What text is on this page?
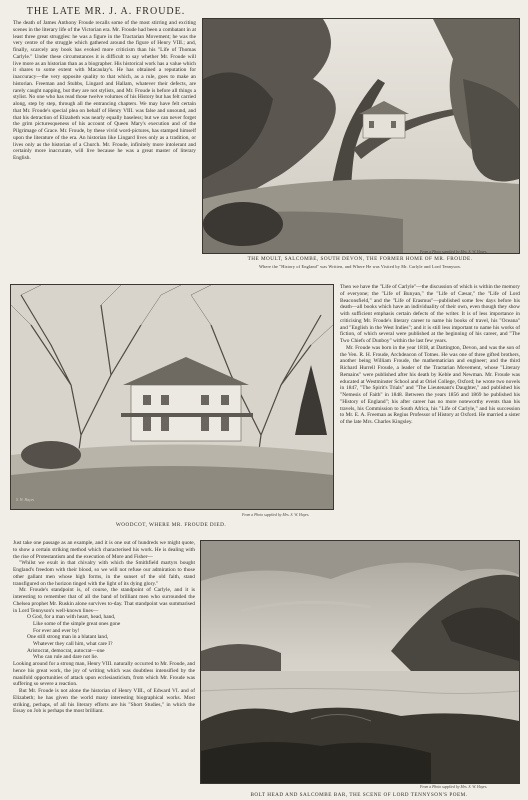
THE LATE MR. J. A. FROUDE.

The death of James Anthony Froude recalls some of the most stirring and exciting scenes in the literary life of the Victorian era. Mr. Froude had been a combatant in at least three great struggles: he was a figure in the Tractarian Movement; he was the very centre of the struggle which gathered around the figure of Henry VIII.; and, finally, scarcely any book has evoked more criticism than his "Life of Thomas Carlyle." Under these circumstances it is difficult to say whether Mr. Froude will live more as an historian than as a biographer. His historical work has a value which it shares to some extent with Macaulay's. He has obtained a reputation for inaccuracy—the very opposite quality to that which, as a rule, goes to make an historian. Freeman and Stubbs, Lingard and Hallam, whatever their defects, are rarely caught napping, but they are not stylists, and Mr. Froude is before all things a stylist. No one who has read those twelve volumes of his History but has felt carried along, step by step, through all the entrancing chapters. We may have felt certain that Mr. Froude's special plea on behalf of Henry VIII. was false and unsound, and that his detraction of Elizabeth was nearly equally baseless; but we can never forget the grim picturesqueness of his account of Queen Mary's execution and of the Pilgrimage of Grace. Mr. Froude, by these vivid word-pictures, has stamped himself upon the literature of the era. An historian like Lingard lives only as a tradition, or lives only as the historian of a Church. Mr. Froude, infinitely more intolerant and certainly more inaccurate, will live because he was a great master of literary English.

THE MOULT, SALCOMBE, SOUTH DEVON, THE FORMER HOME OF MR. FROUDE.
Where the "History of England" was Written, and Where He was Visited by Mr. Carlyle and Lord Tennyson.
From a Photo supplied by Mrs. S. W. Hayes.
WOODCOT, WHERE MR. FROUDE DIED.
From a Photo supplied by Mrs. S. W. Hayes.

Then we have the "Life of Carlyle"—the discussion of which is within the memory of everyone; the "Life of Bunyan," the "Life of Cæsar," the "Life of Lord Beaconsfield," and the "Life of Erasmus"—published some few days before his death—all books which have an individuality of their own, even though they show with sufficient emphasis certain defects of the writer. It is of less importance in criticising Mr. Froude's literary career to name his books of travel, his "Oceana" and "English in the West Indies"; and it is still less important to name his works of fiction, of which several were published at the beginning of his career, and "The Two Chiefs of Dunboy" within the last few years.

Mr. Froude was born in the year 1818, at Dartington, Devon, and was the son of the Ven. R. H. Froude, Archdeacon of Totnes. He was one of three gifted brothers, another being William Froude, the mathematician and engineer; and the third Richard Hurrell Froude, a leader of the Tractarian Movement, whose "Literary Remains" were published after his death by Keble and Newman. Mr. Froude was educated at Westminster School and at Oriel College, Oxford; he wrote two novels in 1847, "The Spirit's Trials" and "The Lieutenant's Daughter," and published his "Nemesis of Faith" in 1848. Between the years 1856 and 1869 he published his "History of England"; his after career has no more noteworthy events than his travels, his Commission to South Africa, his "Life of Carlyle," and his succession to Mr. E. A. Freeman as Regius Professor of History at Oxford. He married a sister of the late Mrs. Charles Kingsley.

Just take one passage as an example, and it is one out of hundreds we might quote, to show a certain striking method which characterised his work. He is dealing with the rise of Protestantism and the execution of More and Fisher—

"Whilst we exult in that chivalry with which the Smithfield martyrs bought England's freedom with their blood, so we will not refuse our admiration to those other gallant men whose high forms, in the sunset of the old faith, stand transfigured on the horizon tinged with the light of its dying glory."

Mr. Froude's standpoint is, of course, the standpoint of Carlyle, and it is interesting to remember that of all the band of brilliant men who surrounded the Chelsea prophet Mr. Ruskin alone survives to-day. That standpoint was summarised in Lord Tennyson's well-known lines—

O God, for a man with heart, head, hand,
Like some of the simple great ones gone
For ever and ever by!
One still strong man in a blatant land,
Whatever they call him, what care I?
Aristocrat, democrat, autocrat—one
Who can rule and dare not lie.

Looking around for a strong man, Henry VIII. naturally occurred to Mr. Froude, and hence his great work, the joy of writing which was doubtless intensified by the manifold opportunities of attack upon ecclesiasticism, from which Mr. Froude was suffering so severe a reaction.

But Mr. Froude is not alone the historian of Henry VIII., of Edward VI. and of Elizabeth; he has given the world many interesting biographical works. Most striking, perhaps, of all his literary efforts are his "Short Studies," in which the Essay on Job is perhaps the most brilliant.

BOLT HEAD AND SALCOMBE BAR, THE SCENE OF LORD TENNYSON'S POEM.
From a Photo supplied by Mrs. S. W. Hayes.
S. W. Hayes
